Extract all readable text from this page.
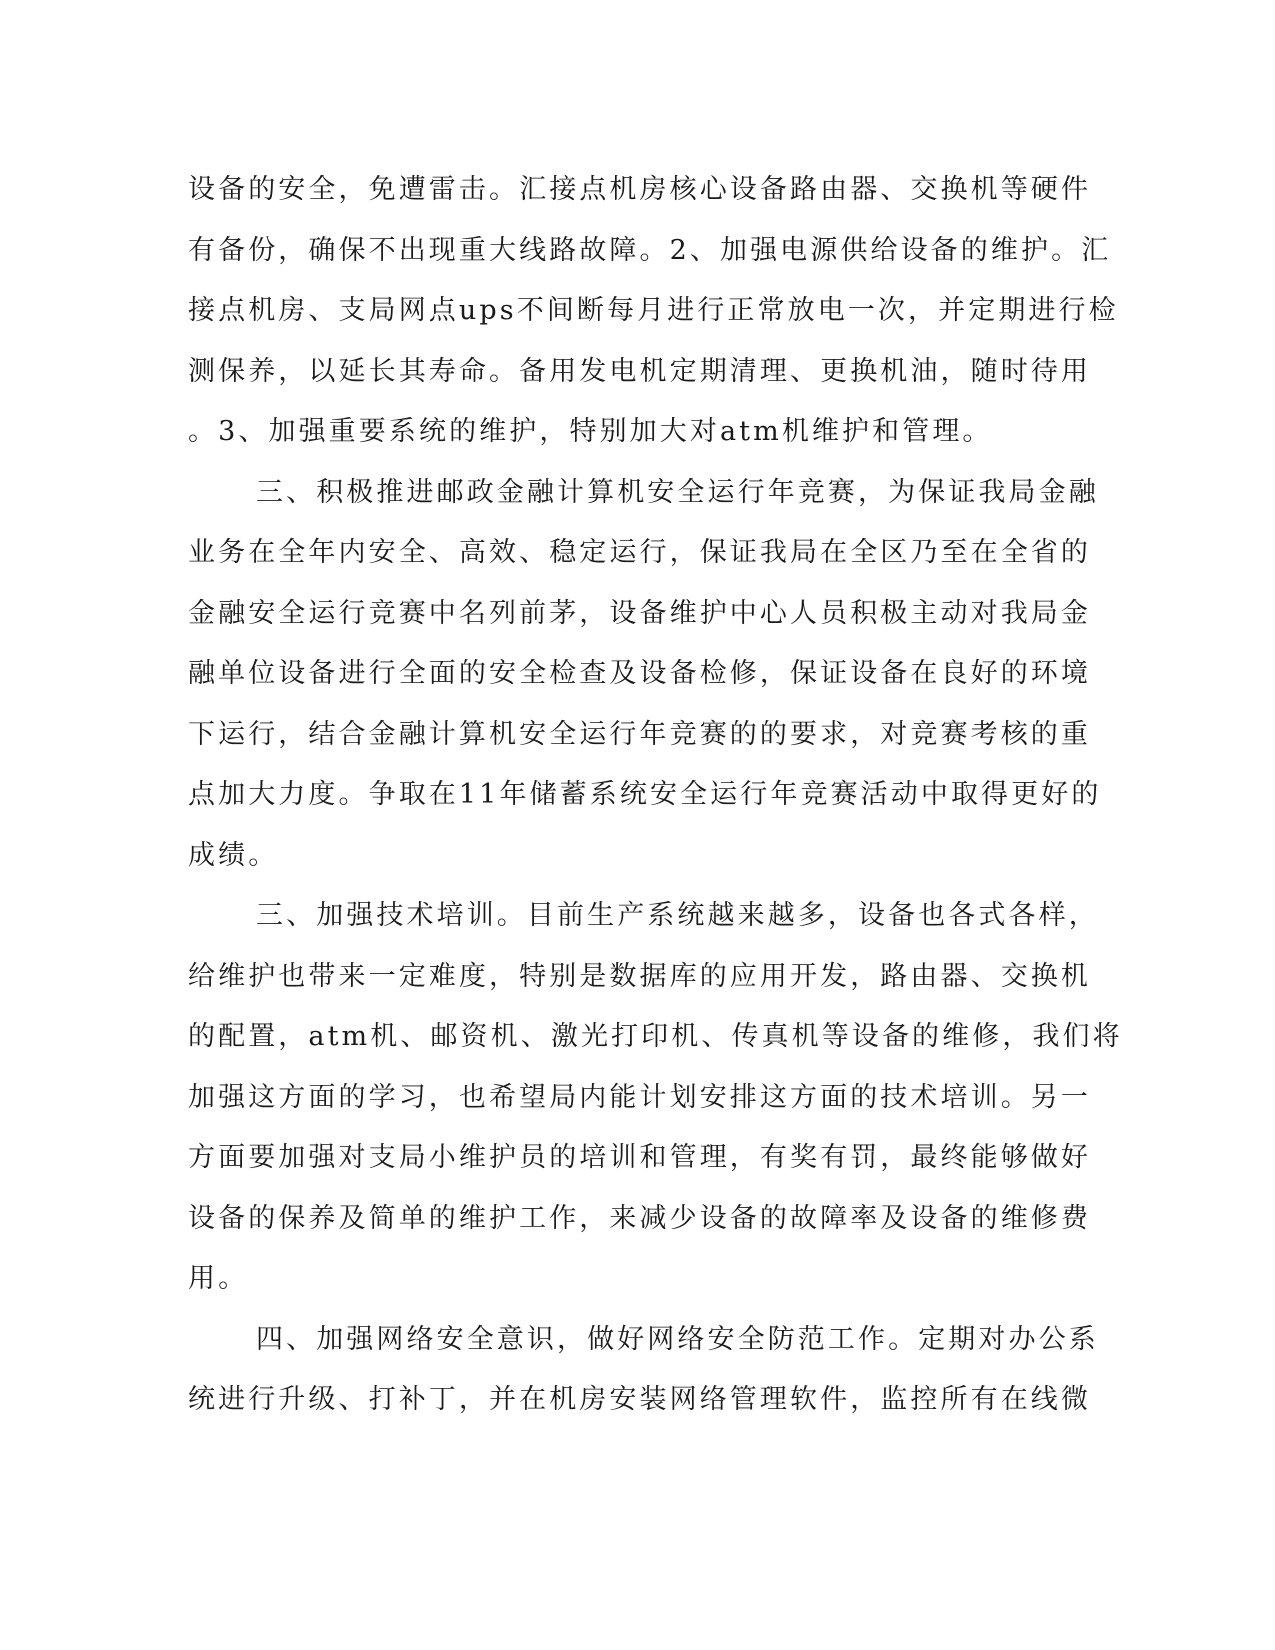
设备的安全，免遭雷击。汇接点机房核心设备路由器、交换机等硬件
有备份，确保不出现重大线路故障。2、加强电源供给设备的维护。汇
接点机房、支局网点ups不间断每月进行正常放电一次，并定期进行检
测保养，以延长其寿命。备用发电机定期清理、更换机油，随时待用
。3、加强重要系统的维护，特别加大对atm机维护和管理。
三、积极推进邮政金融计算机安全运行年竞赛，为保证我局金融
业务在全年内安全、高效、稳定运行，保证我局在全区乃至在全省的
金融安全运行竞赛中名列前茅，设备维护中心人员积极主动对我局金
融单位设备进行全面的安全检查及设备检修，保证设备在良好的环境
下运行，结合金融计算机安全运行年竞赛的的要求，对竞赛考核的重
点加大力度。争取在11年储蓄系统安全运行年竞赛活动中取得更好的
成绩。
三、加强技术培训。目前生产系统越来越多，设备也各式各样，
给维护也带来一定难度，特别是数据库的应用开发，路由器、交换机
的配置，atm机、邮资机、激光打印机、传真机等设备的维修，我们将
加强这方面的学习，也希望局内能计划安排这方面的技术培训。另一
方面要加强对支局小维护员的培训和管理，有奖有罚，最终能够做好
设备的保养及简单的维护工作，来减少设备的故障率及设备的维修费
用。
四、加强网络安全意识，做好网络安全防范工作。定期对办公系
统进行升级、打补丁，并在机房安装网络管理软件，监控所有在线微
